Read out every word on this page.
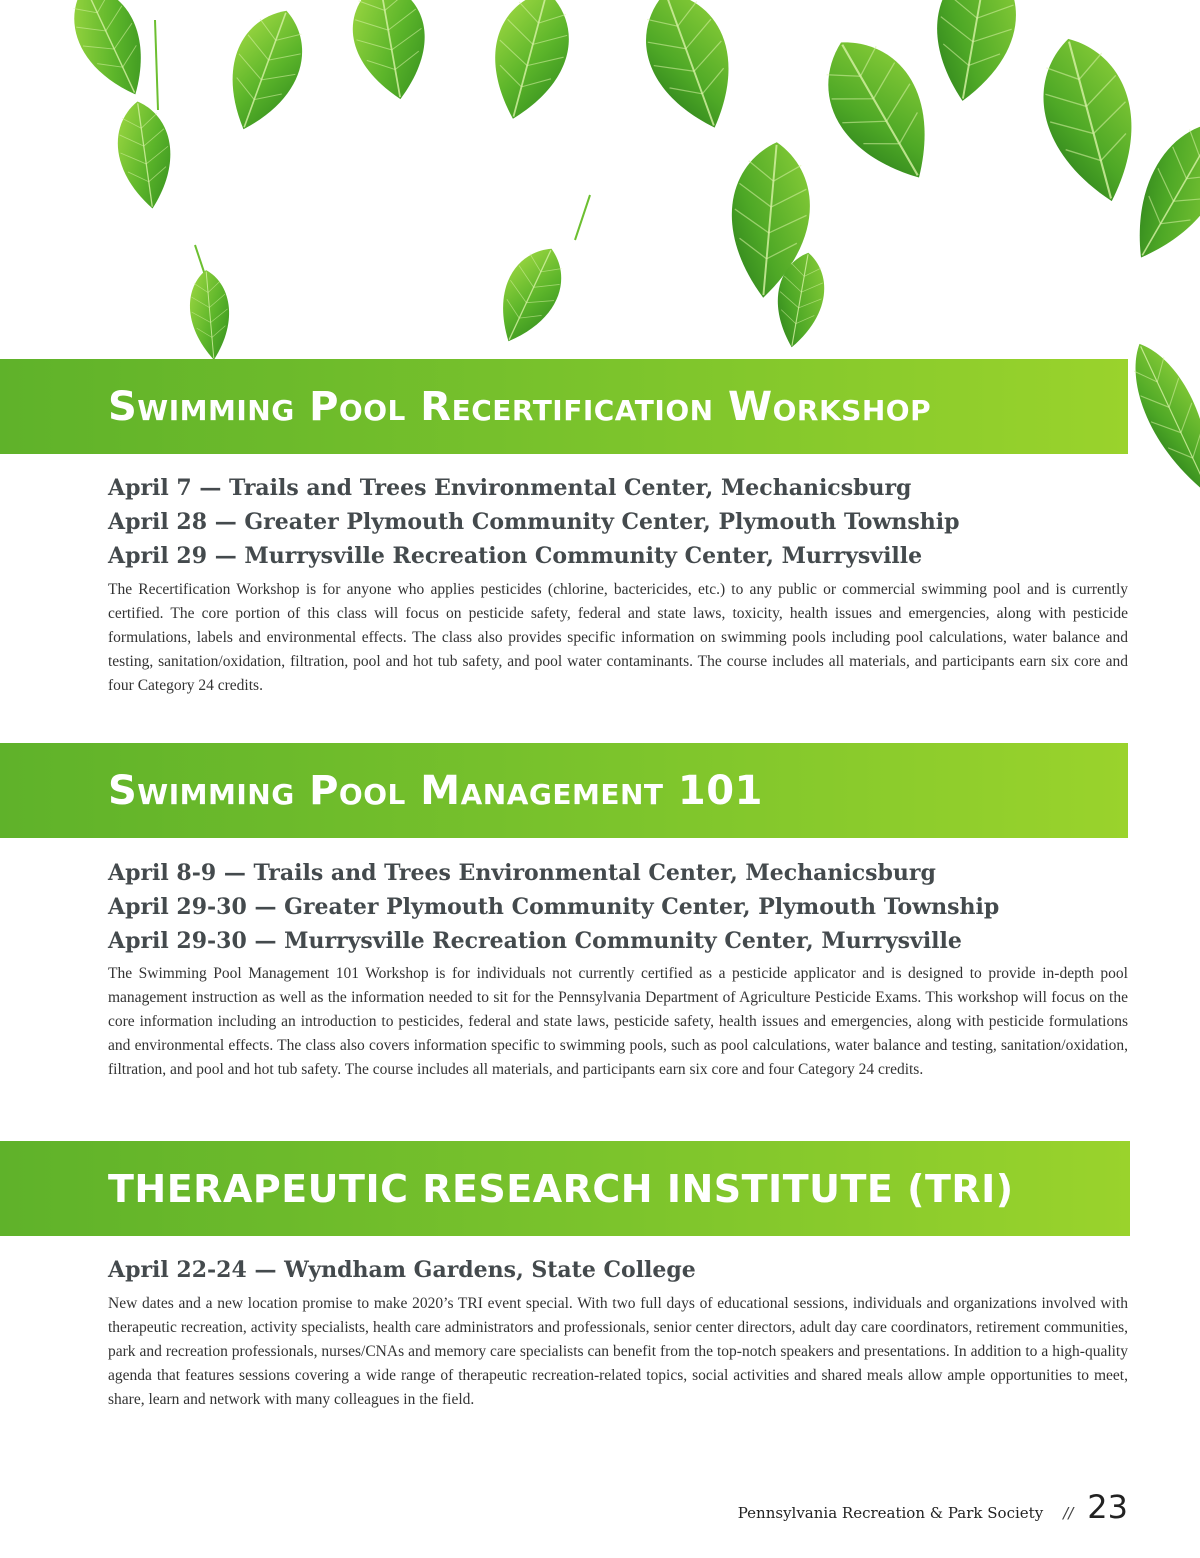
Swimming Pool Recertification Workshop
April 7 — Trails and Trees Environmental Center, Mechanicsburg
April 28 — Greater Plymouth Community Center, Plymouth Township
April 29 — Murrysville Recreation Community Center, Murrysville

The Recertification Workshop is for anyone who applies pesticides (chlorine, bactericides, etc.) to any public or commercial swimming pool and is currently certified. The core portion of this class will focus on pesticide safety, federal and state laws, toxicity, health issues and emergencies, along with pesticide formulations, labels and environmental effects. The class also provides specific information on swimming pools including pool calculations, water balance and testing, sanitation/oxidation, filtration, pool and hot tub safety, and pool water contaminants. The course includes all materials, and participants earn six core and four Category 24 credits.

Swimming Pool Management 101
April 8-9 — Trails and Trees Environmental Center, Mechanicsburg
April 29-30 — Greater Plymouth Community Center, Plymouth Township
April 29-30 — Murrysville Recreation Community Center, Murrysville

The Swimming Pool Management 101 Workshop is for individuals not currently certified as a pesticide applicator and is designed to provide in-depth pool management instruction as well as the information needed to sit for the Pennsylvania Department of Agriculture Pesticide Exams. This workshop will focus on the core information including an introduction to pesticides, federal and state laws, pesticide safety, health issues and emergencies, along with pesticide formulations and environmental effects. The class also covers information specific to swimming pools, such as pool calculations, water balance and testing, sanitation/oxidation, filtration, and pool and hot tub safety. The course includes all materials, and participants earn six core and four Category 24 credits.

THERAPEUTIC RESEARCH INSTITUTE (TRI)
April 22-24 — Wyndham Gardens, State College

New dates and a new location promise to make 2020’s TRI event special. With two full days of educational sessions, individuals and organizations involved with therapeutic recreation, activity specialists, health care administrators and professionals, senior center directors, adult day care coordinators, retirement communities, park and recreation professionals, nurses/CNAs and memory care specialists can benefit from the top-notch speakers and presentations. In addition to a high-quality agenda that features sessions covering a wide range of therapeutic recreation-related topics, social activities and shared meals allow ample opportunities to meet, share, learn and network with many colleagues in the field.

Pennsylvania Recreation & Park Society // 23
